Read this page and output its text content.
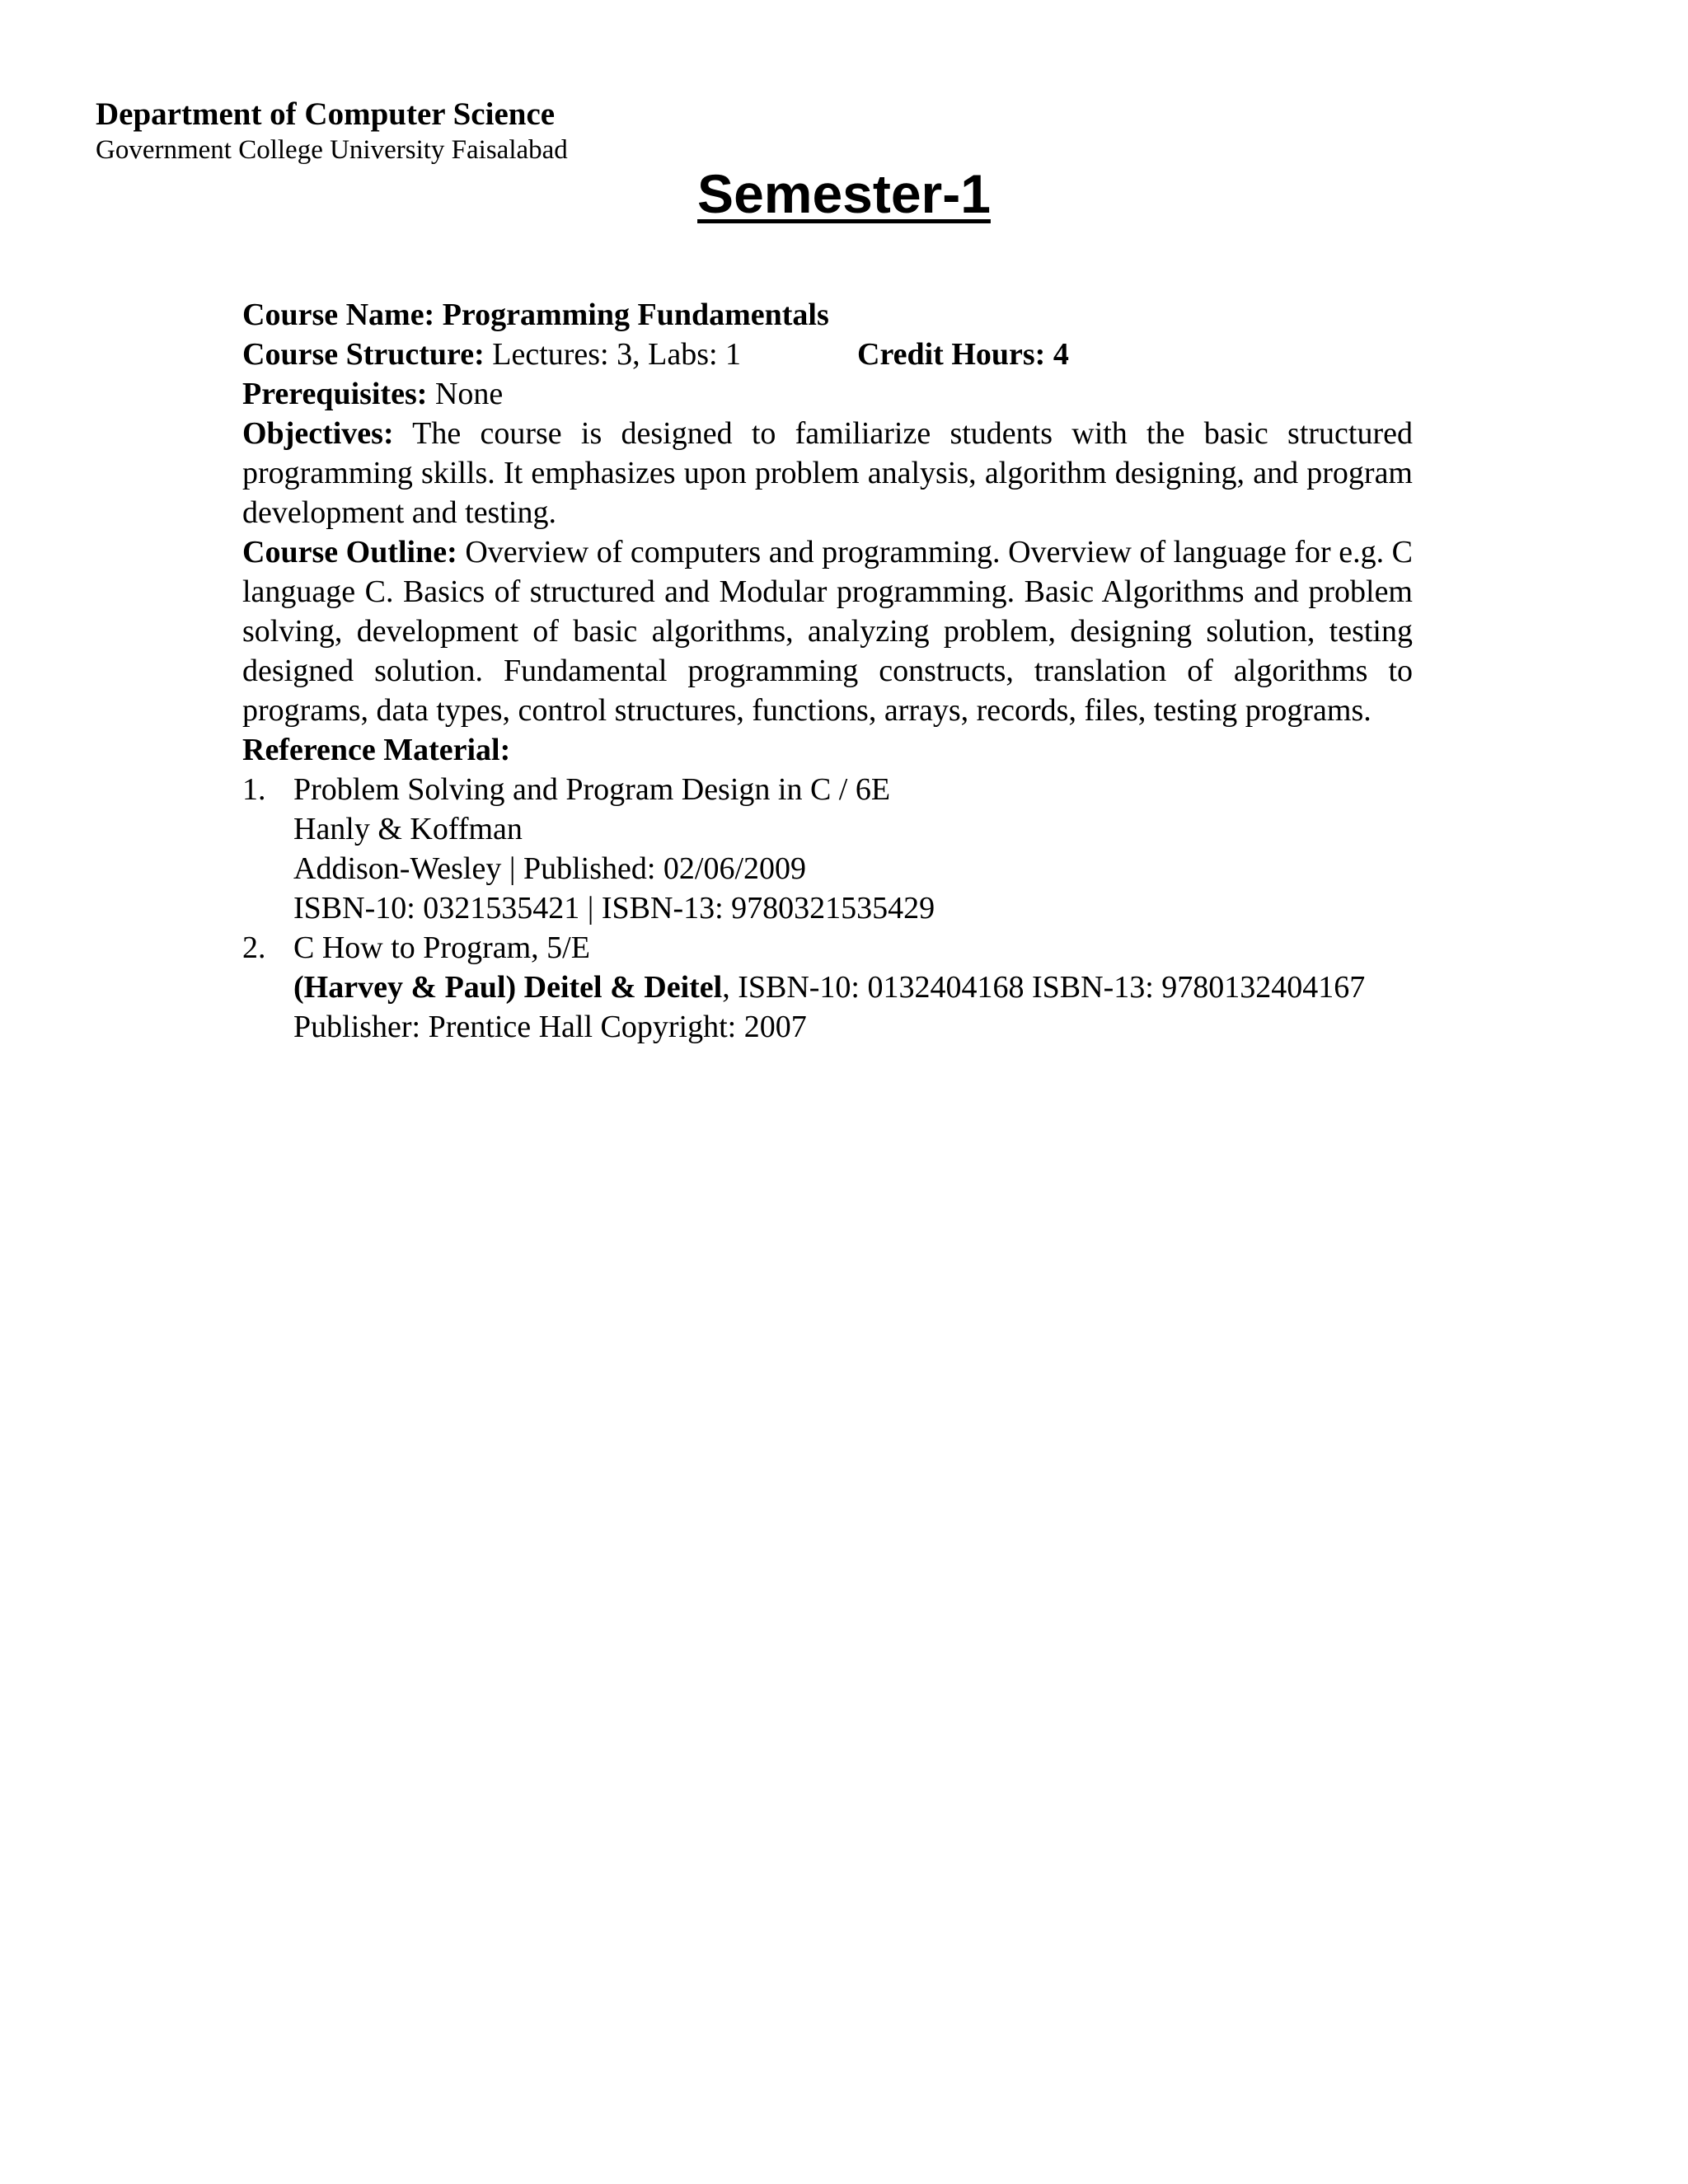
Department of Computer Science
Government College University Faisalabad
Semester-1

Course Name: Programming Fundamentals

Course Structure: Lectures: 3, Labs: 1	Credit Hours: 4

Prerequisites: None

Objectives: The course is designed to familiarize students with the basic structured programming skills. It emphasizes upon problem analysis, algorithm designing, and program development and testing.

Course Outline: Overview of computers and programming. Overview of language for e.g. C language C. Basics of structured and Modular programming. Basic Algorithms and problem solving, development of basic algorithms, analyzing problem, designing solution, testing designed solution. Fundamental programming constructs, translation of algorithms to programs, data types, control structures, functions, arrays, records, files, testing programs.

Reference Material:

1. Problem Solving and Program Design in C / 6E
Hanly & Koffman
Addison-Wesley | Published: 02/06/2009
ISBN-10: 0321535421 | ISBN-13: 9780321535429
2. C How to Program, 5/E
(Harvey & Paul) Deitel & Deitel, ISBN-10: 0132404168 ISBN-13: 9780132404167
Publisher: Prentice Hall Copyright: 2007
